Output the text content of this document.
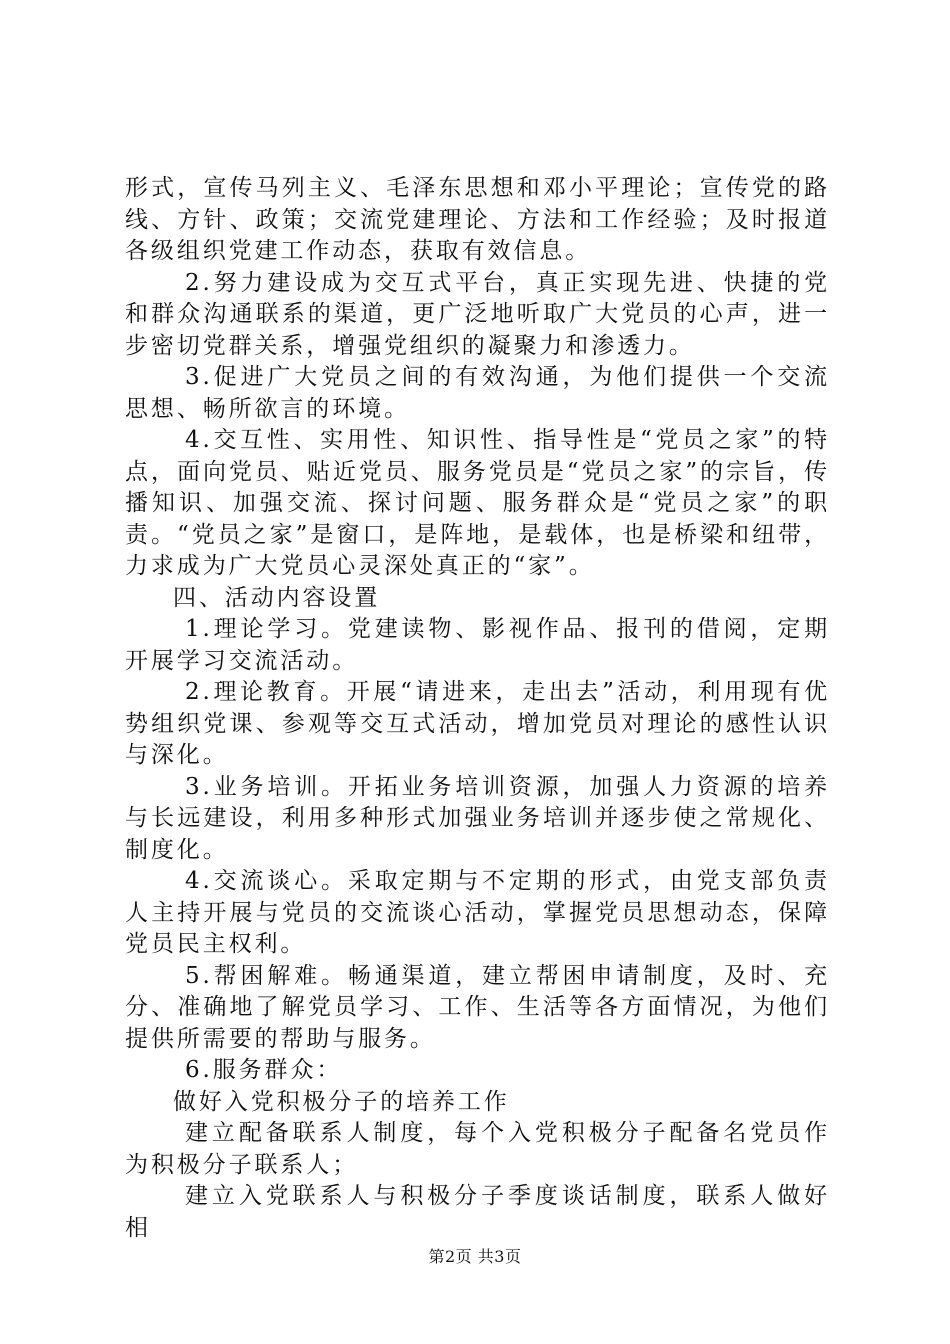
形式，宣传马列主义、毛泽东思想和邓小平理论；宣传党的路线、方针、政策；交流党建理论、方法和工作经验；及时报道各级组织党建工作动态，获取有效信息。

2.努力建设成为交互式平台，真正实现先进、快捷的党和群众沟通联系的渠道，更广泛地听取广大党员的心声，进一步密切党群关系，增强党组织的凝聚力和渗透力。

3.促进广大党员之间的有效沟通，为他们提供一个交流思想、畅所欲言的环境。

4.交互性、实用性、知识性、指导性是“党员之家”的特点，面向党员、贴近党员、服务党员是“党员之家”的宗旨，传播知识、加强交流、探讨问题、服务群众是“党员之家”的职责。“党员之家”是窗口，是阵地，是载体，也是桥梁和纽带，力求成为广大党员心灵深处真正的“家”。

四、活动内容设置

1.理论学习。党建读物、影视作品、报刊的借阅，定期开展学习交流活动。

2.理论教育。开展“请进来，走出去”活动，利用现有优势组织党课、参观等交互式活动，增加党员对理论的感性认识与深化。

3.业务培训。开拓业务培训资源，加强人力资源的培养与长远建设，利用多种形式加强业务培训并逐步使之常规化、制度化。

4.交流谈心。采取定期与不定期的形式，由党支部负责人主持开展与党员的交流谈心活动，掌握党员思想动态，保障党员民主权利。

5.帮困解难。畅通渠道，建立帮困申请制度，及时、充分、准确地了解党员学习、工作、生活等各方面情况，为他们提供所需要的帮助与服务。

6.服务群众：

做好入党积极分子的培养工作

建立配备联系人制度，每个入党积极分子配备名党员作为积极分子联系人；

建立入党联系人与积极分子季度谈话制度，联系人做好相

第2页 共3页
